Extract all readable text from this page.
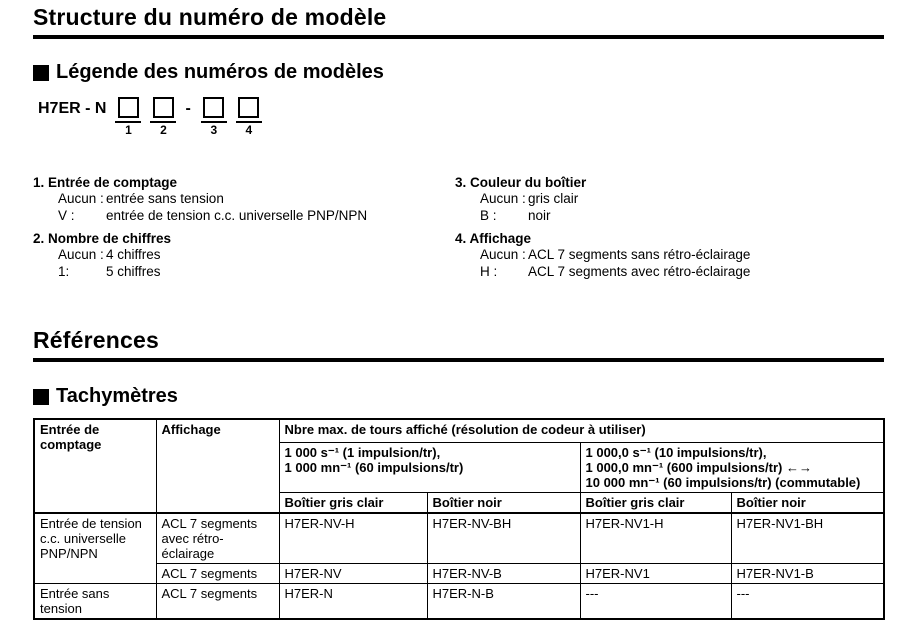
Structure du numéro de modèle
Légende des numéros de modèles
H7ER - N
1 2
-
3 4
1. Entrée de comptage
Aucun : entrée sans tension
V :	entrée de tension c.c. universelle PNP/NPN
2. Nombre de chiffres
Aucun : 4 chiffres
1:	5 chiffres
3. Couleur du boîtier
Aucun : gris clair
B :	noir
4. Affichage
Aucun : ACL 7 segments sans rétro-éclairage
H :	ACL 7 segments avec rétro-éclairage
Références
Tachymètres
Entrée de comptage	Affichage	Nbre max. de tours affiché (résolution de codeur à utiliser)			

		1 000 s⁻¹ (1 impulsion/tr),
1 000 mn⁻¹ (60 impulsions/tr)		1 000,0 s⁻¹ (10 impulsions/tr),
1 000,0 mn⁻¹ (600 impulsions/tr) ←→
10 000 mn⁻¹ (60 impulsions/tr) (commutable)	

		Boîtier gris clair	Boîtier noir	Boîtier gris clair	Boîtier noir
Entrée de tension c.c. universelle PNP/NPN	ACL 7 segments avec rétro-éclairage	H7ER-NV-H	H7ER-NV-BH	H7ER-NV1-H	H7ER-NV1-BH
	ACL 7 segments	H7ER-NV	H7ER-NV-B	H7ER-NV1	H7ER-NV1-B
Entrée sans tension	ACL 7 segments	H7ER-N	H7ER-N-B	---	---
